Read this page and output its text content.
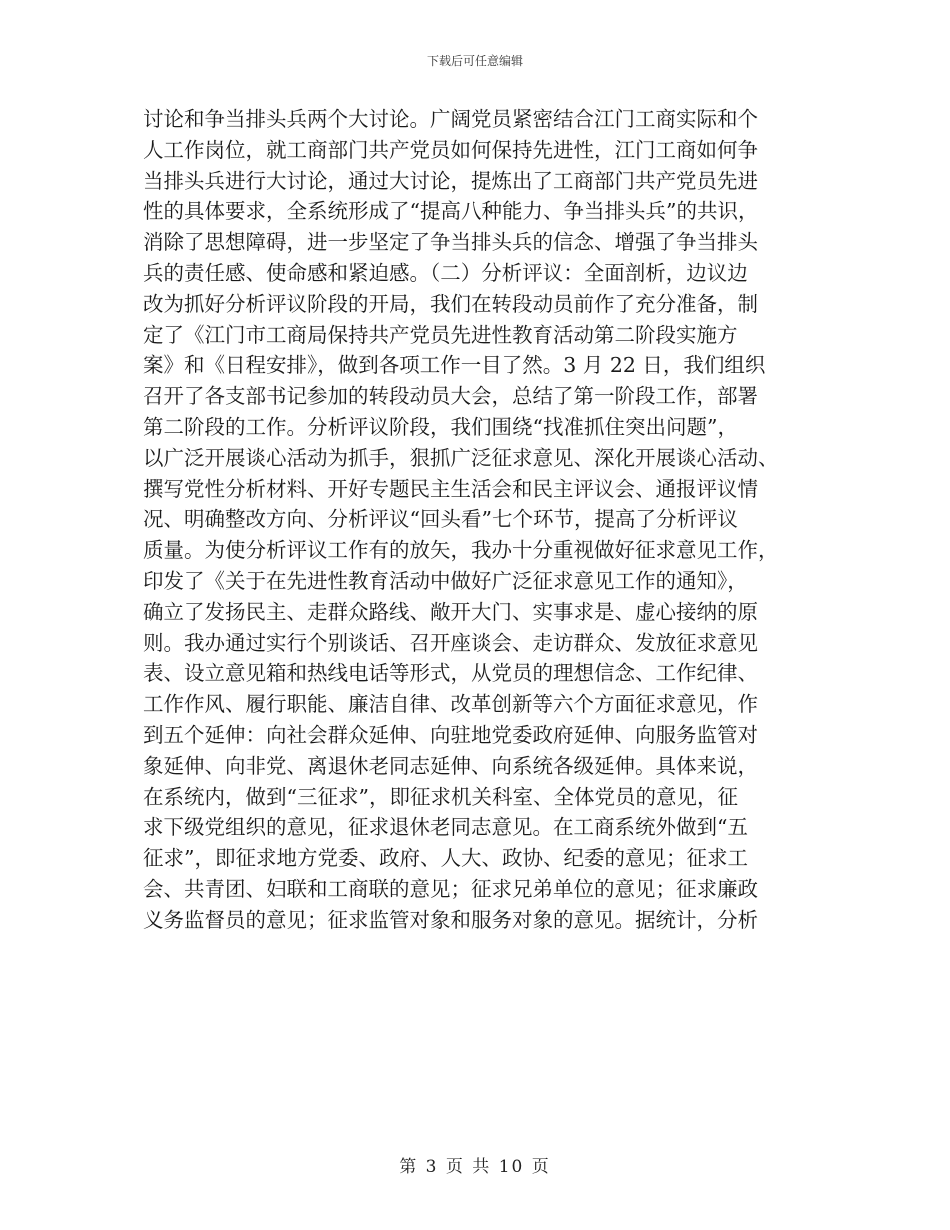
下载后可任意编辑
讨论和争当排头兵两个大讨论。广阔党员紧密结合江门工商实际和个
人工作岗位，就工商部门共产党员如何保持先进性，江门工商如何争
当排头兵进行大讨论，通过大讨论，提炼出了工商部门共产党员先进
性的具体要求，全系统形成了“提高八种能力、争当排头兵”的共识，
消除了思想障碍，进一步坚定了争当排头兵的信念、增强了争当排头
兵的责任感、使命感和紧迫感。（二）分析评议：全面剖析，边议边
改为抓好分析评议阶段的开局，我们在转段动员前作了充分准备，制
定了《江门市工商局保持共产党员先进性教育活动第二阶段实施方
案》和《日程安排》，做到各项工作一目了然。3 月 22 日，我们组织
召开了各支部书记参加的转段动员大会，总结了第一阶段工作，部署
第二阶段的工作。分析评议阶段，我们围绕“找准抓住突出问题”，
以广泛开展谈心活动为抓手，狠抓广泛征求意见、深化开展谈心活动、
撰写党性分析材料、开好专题民主生活会和民主评议会、通报评议情
况、明确整改方向、分析评议“回头看”七个环节，提高了分析评议
质量。为使分析评议工作有的放矢，我办十分重视做好征求意见工作，
印发了《关于在先进性教育活动中做好广泛征求意见工作的通知》，
确立了发扬民主、走群众路线、敞开大门、实事求是、虚心接纳的原
则。我办通过实行个别谈话、召开座谈会、走访群众、发放征求意见
表、设立意见箱和热线电话等形式，从党员的理想信念、工作纪律、
工作作风、履行职能、廉洁自律、改革创新等六个方面征求意见，作
到五个延伸：向社会群众延伸、向驻地党委政府延伸、向服务监管对
象延伸、向非党、离退休老同志延伸、向系统各级延伸。具体来说，
在系统内，做到“三征求”，即征求机关科室、全体党员的意见，征
求下级党组织的意见，征求退休老同志意见。在工商系统外做到“五
征求”，即征求地方党委、政府、人大、政协、纪委的意见；征求工
会、共青团、妇联和工商联的意见；征求兄弟单位的意见；征求廉政
义务监督员的意见；征求监管对象和服务对象的意见。据统计，分析
第 3 页 共 10 页
